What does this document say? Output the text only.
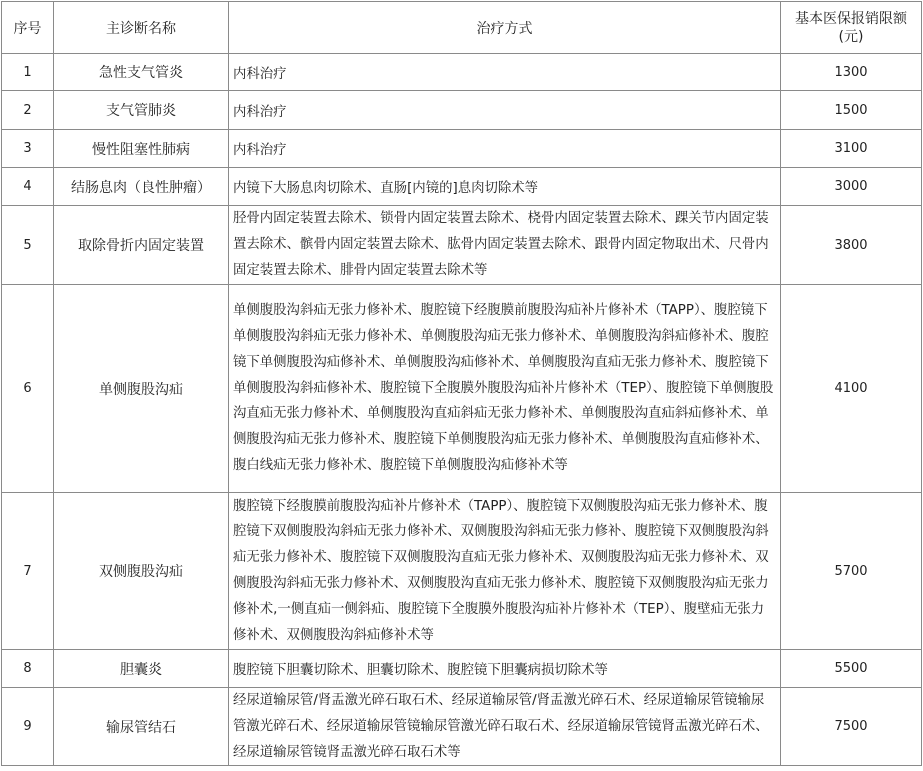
序号	主诊断名称	治疗方式	基本医保报销限额
(元)

1	急性支气管炎	内科治疗	1300
2	支气管肺炎	内科治疗	1500
3	慢性阻塞性肺病	内科治疗	3100
4	结肠息肉（良性肿瘤）	内镜下大肠息肉切除术、直肠[内镜的]息肉切除术等	3000
5	取除骨折内固定装置	胫骨内固定装置去除术、锁骨内固定装置去除术、桡骨内固定装置去除术、踝关节内固定装置去除术、髌骨内固定装置去除术、肱骨内固定装置去除术、跟骨内固定物取出术、尺骨内固定装置去除术、腓骨内固定装置去除术等	3800
6	单侧腹股沟疝	单侧腹股沟斜疝无张力修补术、腹腔镜下经腹膜前腹股沟疝补片修补术（TAPP）、腹腔镜下单侧腹股沟斜疝无张力修补术、单侧腹股沟疝无张力修补术、单侧腹股沟斜疝修补术、腹腔镜下单侧腹股沟疝修补术、单侧腹股沟疝修补术、单侧腹股沟直疝无张力修补术、腹腔镜下单侧腹股沟斜疝修补术、腹腔镜下全腹膜外腹股沟疝补片修补术（TEP）、腹腔镜下单侧腹股沟直疝无张力修补术、单侧腹股沟直疝斜疝无张力修补术、单侧腹股沟直疝斜疝修补术、单侧腹股沟疝无张力修补术、腹腔镜下单侧腹股沟疝无张力修补术、单侧腹股沟直疝修补术、腹白线疝无张力修补术、腹腔镜下单侧腹股沟疝修补术等	4100
7	双侧腹股沟疝	腹腔镜下经腹膜前腹股沟疝补片修补术（TAPP）、腹腔镜下双侧腹股沟疝无张力修补术、腹腔镜下双侧腹股沟斜疝无张力修补术、双侧腹股沟斜疝无张力修补、腹腔镜下双侧腹股沟斜疝无张力修补术、腹腔镜下双侧腹股沟直疝无张力修补术、双侧腹股沟疝无张力修补术、双侧腹股沟斜疝无张力修补术、双侧腹股沟直疝无张力修补术、腹腔镜下双侧腹股沟疝无张力修补术,一侧直疝一侧斜疝、腹腔镜下全腹膜外腹股沟疝补片修补术（TEP）、腹壁疝无张力修补术、双侧腹股沟斜疝修补术等	5700
8	胆囊炎	腹腔镜下胆囊切除术、胆囊切除术、腹腔镜下胆囊病损切除术等	5500
9	输尿管结石	经尿道输尿管/肾盂激光碎石取石术、经尿道输尿管/肾盂激光碎石术、经尿道输尿管镜输尿管激光碎石术、经尿道输尿管镜输尿管激光碎石取石术、经尿道输尿管镜肾盂激光碎石术、经尿道输尿管镜肾盂激光碎石取石术等	7500
